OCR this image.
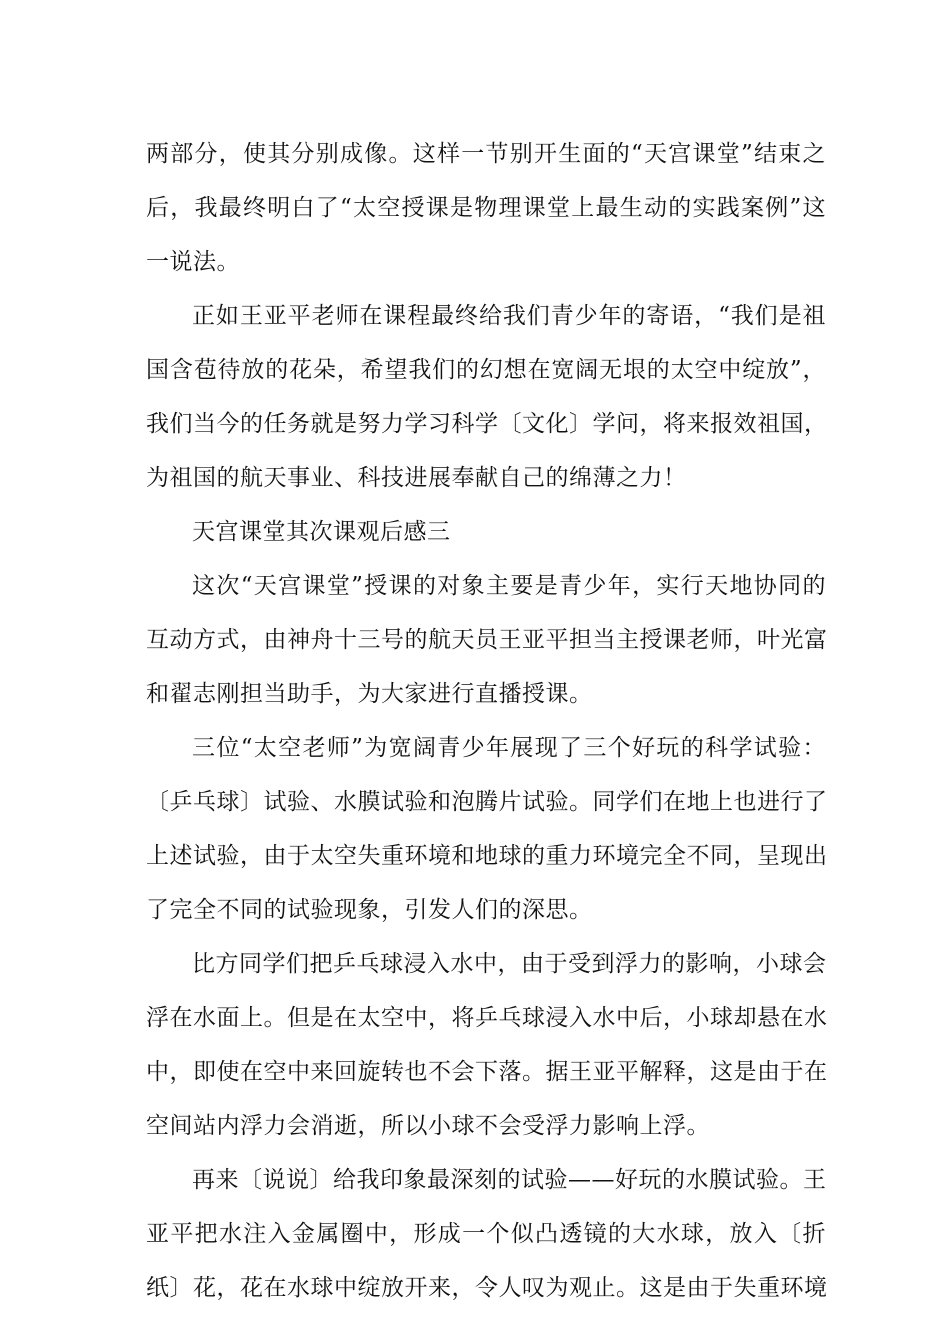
两部分，使其分别成像。这样一节别开生面的“天宫课堂”结束之
后，我最终明白了“太空授课是物理课堂上最生动的实践案例”这
一说法。
正如王亚平老师在课程最终给我们青少年的寄语，“我们是祖
国含苞待放的花朵，希望我们的幻想在宽阔无垠的太空中绽放”，
我们当今的任务就是努力学习科学〔文化〕学问，将来报效祖国，
为祖国的航天事业、科技进展奉献自己的绵薄之力！
天宫课堂其次课观后感三
这次“天宫课堂”授课的对象主要是青少年，实行天地协同的
互动方式，由神舟十三号的航天员王亚平担当主授课老师，叶光富
和翟志刚担当助手，为大家进行直播授课。
三位“太空老师”为宽阔青少年展现了三个好玩的科学试验：
〔乒乓球〕试验、水膜试验和泡腾片试验。同学们在地上也进行了
上述试验，由于太空失重环境和地球的重力环境完全不同，呈现出
了完全不同的试验现象，引发人们的深思。
比方同学们把乒乓球浸入水中，由于受到浮力的影响，小球会
浮在水面上。但是在太空中，将乒乓球浸入水中后，小球却悬在水
中，即使在空中来回旋转也不会下落。据王亚平解释，这是由于在
空间站内浮力会消逝，所以小球不会受浮力影响上浮。
再来〔说说〕给我印象最深刻的试验——好玩的水膜试验。王
亚平把水注入金属圈中，形成一个似凸透镜的大水球，放入〔折
纸〕花，花在水球中绽放开来，令人叹为观止。这是由于失重环境
